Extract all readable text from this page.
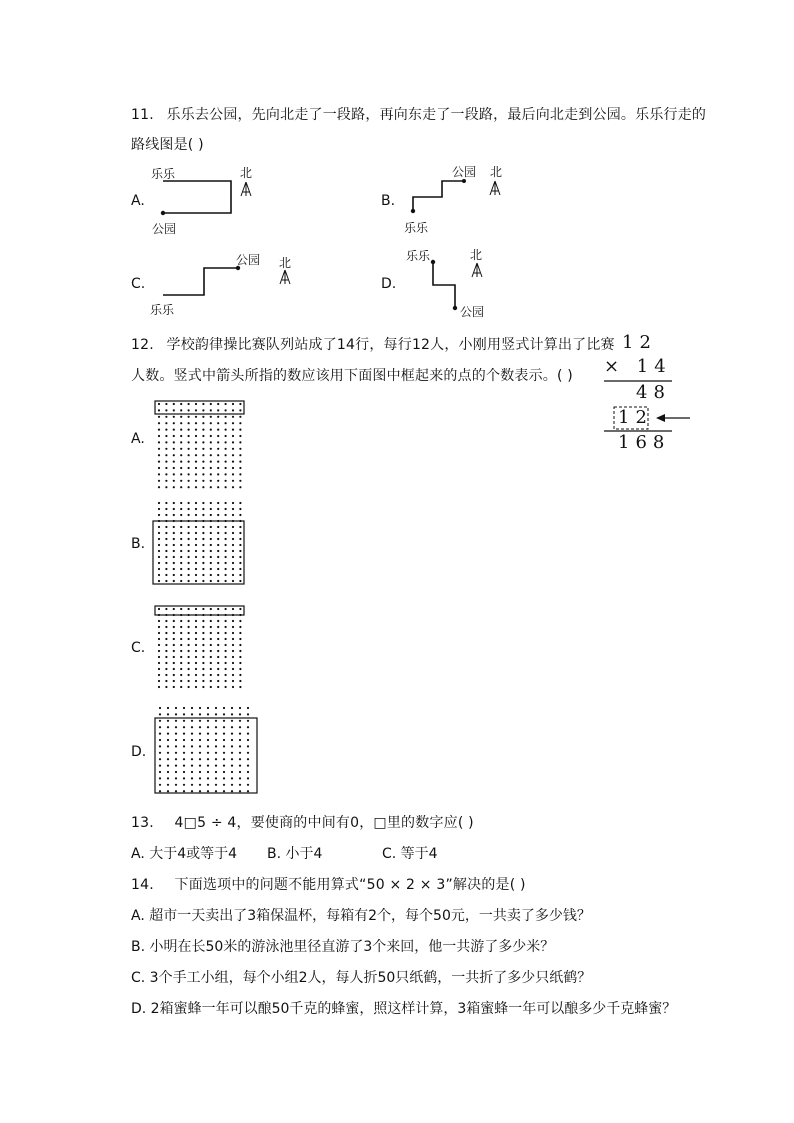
11. 乐乐去公园，先向北走了一段路，再向东走了一段路，最后向北走到公园。乐乐行走的
路线图是( )
A.
乐乐
公园
北
B.
乐乐
公园 北
C.
乐乐
公园 北
D.
乐乐
公园
北
12. 学校韵律操比赛队列站成了14行，每行12人，小刚用竖式计算出了比赛
人数。竖式中箭头所指的数应该用下面图中框起来的点的个数表示。( )
12
× 14
48
12
168
A.
B.
C.
D.
13. 4□5 ÷ 4，要使商的中间有0，□里的数字应( )
A. 大于4或等于4 B. 小于4	C. 等于4
14. 下面选项中的问题不能用算式“50 × 2 × 3”解决的是( )
A. 超市一天卖出了3箱保温杯，每箱有2个，每个50元，一共卖了多少钱？
B. 小明在长50米的游泳池里径直游了3个来回，他一共游了多少米？
C. 3个手工小组，每个小组2人，每人折50只纸鹤，一共折了多少只纸鹤？
D. 2箱蜜蜂一年可以酿50千克的蜂蜜，照这样计算，3箱蜜蜂一年可以酿多少千克蜂蜜？
